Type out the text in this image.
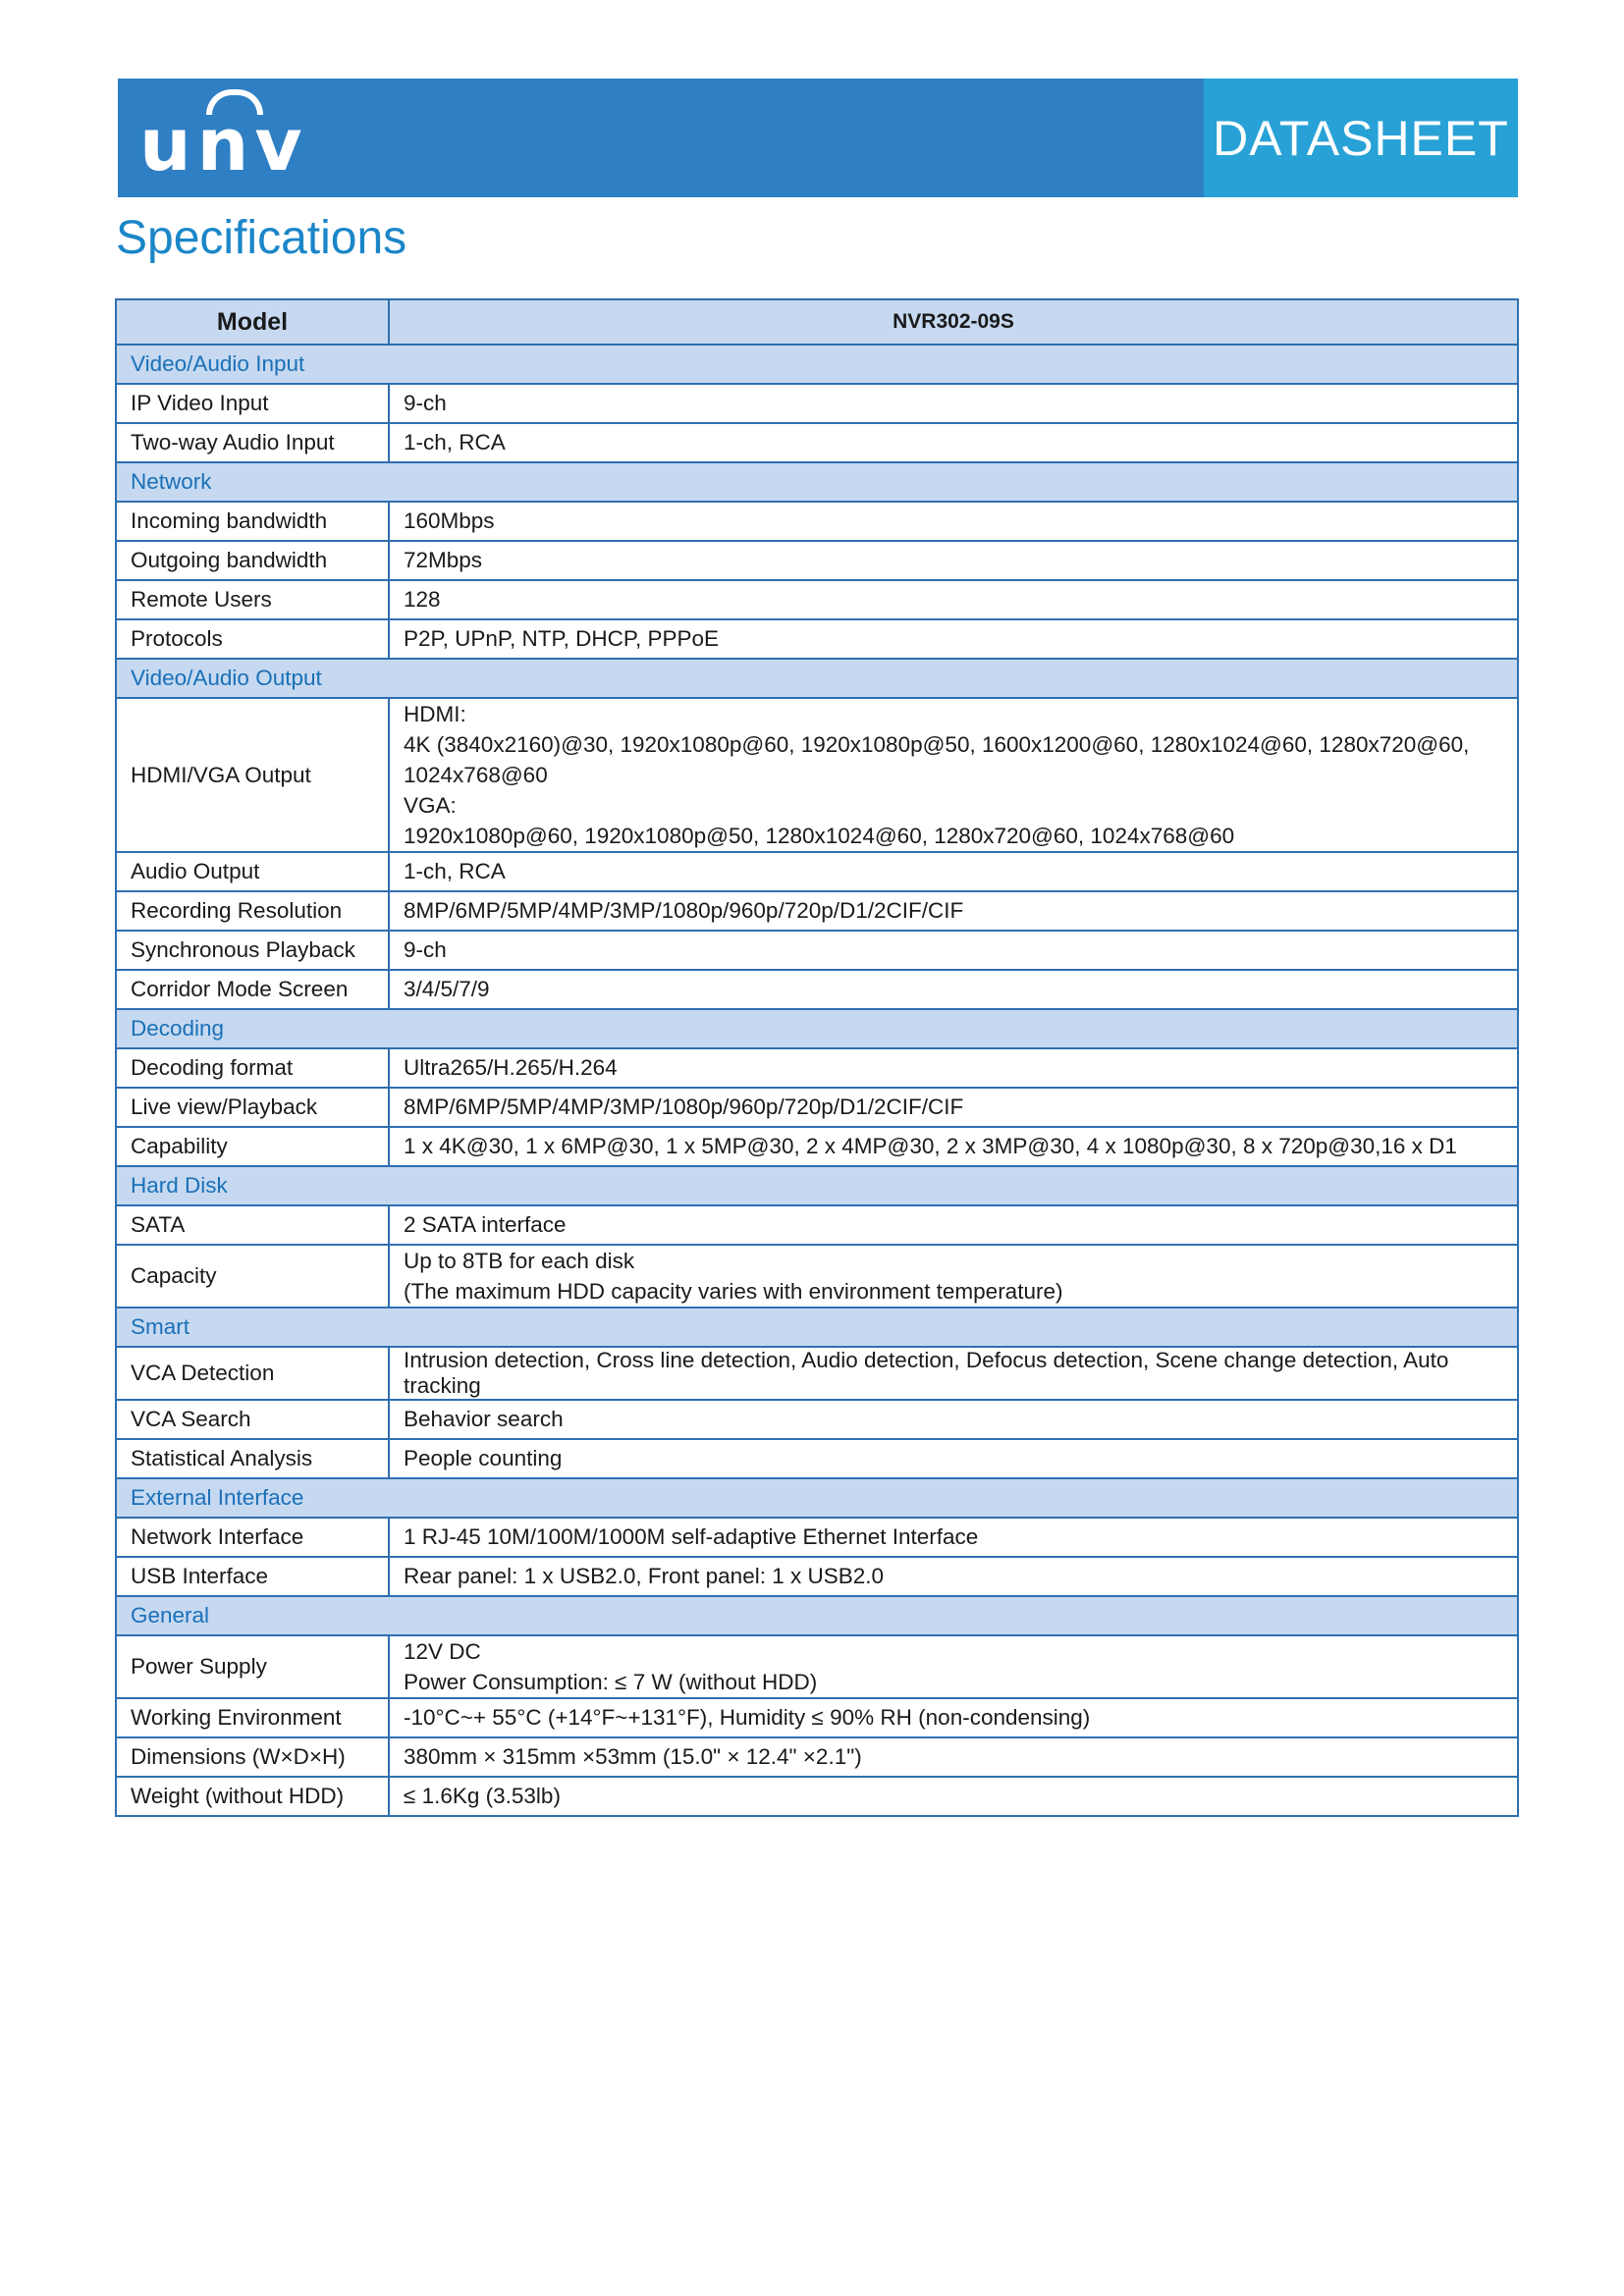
unv	DATASHEET
Specifications
Model	NVR302-09S
Video/Audio Input	
IP Video Input	9-ch

Two-way Audio Input	1-ch, RCA

Network	
Incoming bandwidth	160Mbps

Outgoing bandwidth	72Mbps

Remote Users	128

Protocols	P2P, UPnP, NTP, DHCP, PPPoE

Video/Audio Output	
HDMI/VGA Output	HDMI:
4K (3840x2160)@30, 1920x1080p@60, 1920x1080p@50, 1600x1200@60, 1280x1024@60, 1280x720@60, 1024x768@60
VGA:
1920x1080p@60, 1920x1080p@50, 1280x1024@60, 1280x720@60, 1024x768@60

Audio Output	1-ch, RCA

Recording Resolution	8MP/6MP/5MP/4MP/3MP/1080p/960p/720p/D1/2CIF/CIF

Synchronous Playback	9-ch

Corridor Mode Screen	3/4/5/7/9

Decoding	
Decoding format	Ultra265/H.265/H.264

Live view/Playback	8MP/6MP/5MP/4MP/3MP/1080p/960p/720p/D1/2CIF/CIF

Capability	1 x 4K@30, 1 x 6MP@30, 1 x 5MP@30, 2 x 4MP@30, 2 x 3MP@30, 4 x 1080p@30, 8 x 720p@30,16 x D1

Hard Disk	
SATA	2 SATA interface

Capacity	Up to 8TB for each disk
(The maximum HDD capacity varies with environment temperature)

Smart	
VCA Detection	Intrusion detection, Cross line detection, Audio detection, Defocus detection, Scene change detection, Auto tracking

VCA Search	Behavior search

Statistical Analysis	People counting

External Interface	
Network Interface	1 RJ-45 10M/100M/1000M self-adaptive Ethernet Interface

USB Interface	Rear panel: 1 x USB2.0, Front panel: 1 x USB2.0

General	
Power Supply	12V DC
Power Consumption: ≤ 7 W (without HDD)

Working Environment	-10°C~+ 55°C (+14°F~+131°F), Humidity ≤ 90% RH (non-condensing)

Dimensions (W×D×H)	380mm × 315mm ×53mm (15.0" × 12.4" ×2.1")

Weight (without HDD)	≤ 1.6Kg (3.53lb)
